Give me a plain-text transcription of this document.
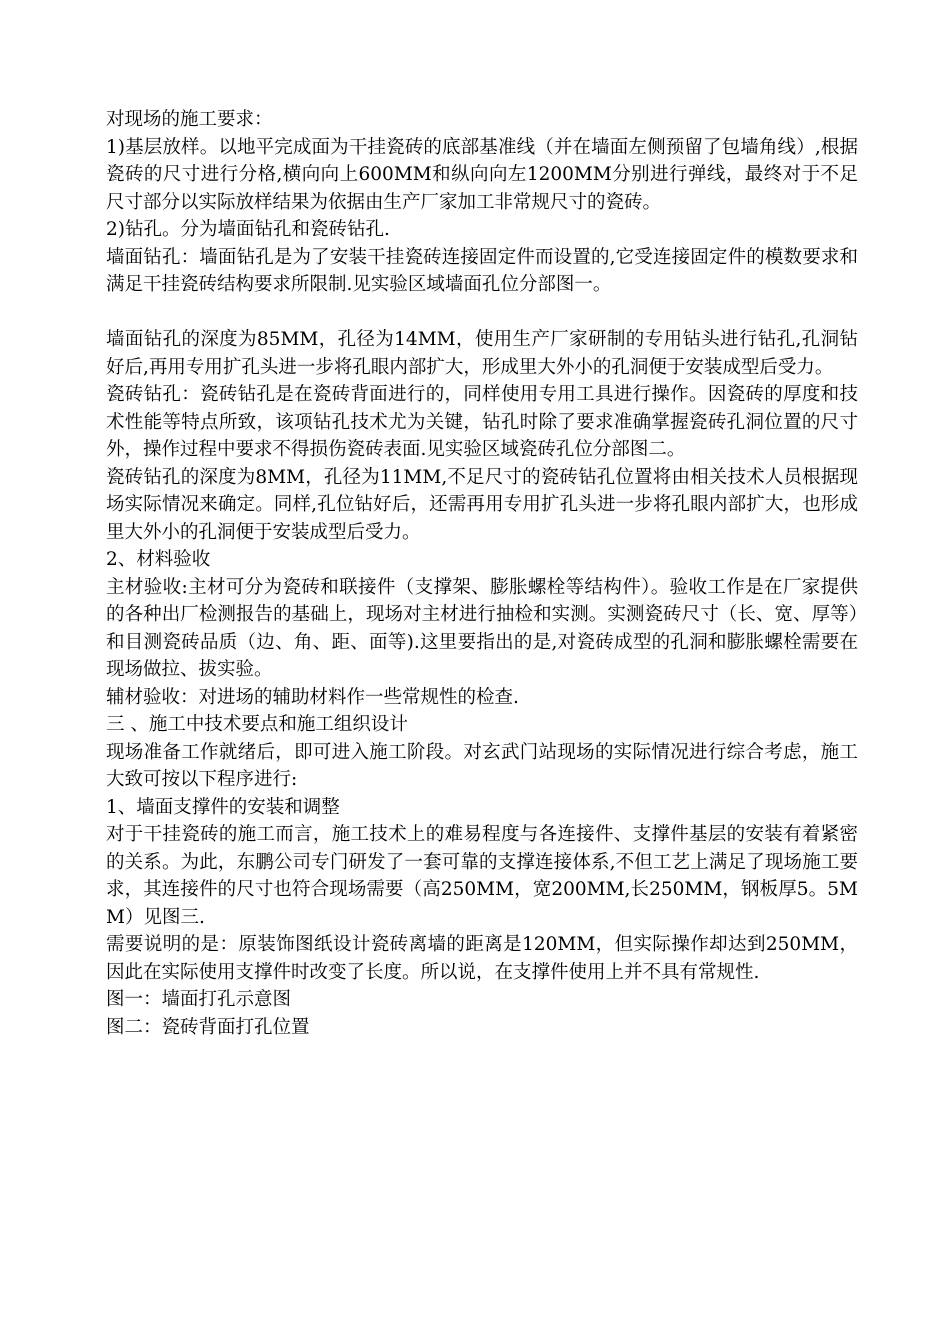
对现场的施工要求：

1)基层放样。以地平完成面为干挂瓷砖的底部基准线（并在墙面左侧预留了包墙角线）,根据瓷砖的尺寸进行分格,横向向上600MM和纵向向左1200MM分别进行弹线，最终对于不足尺寸部分以实际放样结果为依据由生产厂家加工非常规尺寸的瓷砖。

2)钻孔。分为墙面钻孔和瓷砖钻孔.

墙面钻孔：墙面钻孔是为了安装干挂瓷砖连接固定件而设置的,它受连接固定件的模数要求和满足干挂瓷砖结构要求所限制.见实验区域墙面孔位分部图一。

墙面钻孔的深度为85MM，孔径为14MM，使用生产厂家研制的专用钻头进行钻孔,孔洞钻好后,再用专用扩孔头进一步将孔眼内部扩大，形成里大外小的孔洞便于安装成型后受力。

瓷砖钻孔：瓷砖钻孔是在瓷砖背面进行的，同样使用专用工具进行操作。因瓷砖的厚度和技术性能等特点所致，该项钻孔技术尤为关键，钻孔时除了要求准确掌握瓷砖孔洞位置的尺寸外，操作过程中要求不得损伤瓷砖表面.见实验区域瓷砖孔位分部图二。

瓷砖钻孔的深度为8MM，孔径为11MM,不足尺寸的瓷砖钻孔位置将由相关技术人员根据现场实际情况来确定。同样,孔位钻好后，还需再用专用扩孔头进一步将孔眼内部扩大，也形成里大外小的孔洞便于安装成型后受力。

2、材料验收

主材验收:主材可分为瓷砖和联接件（支撑架、膨胀螺栓等结构件）。验收工作是在厂家提供的各种出厂检测报告的基础上，现场对主材进行抽检和实测。实测瓷砖尺寸（长、宽、厚等）和目测瓷砖品质（边、角、距、面等).这里要指出的是,对瓷砖成型的孔洞和膨胀螺栓需要在现场做拉、拔实验。

辅材验收：对进场的辅助材料作一些常规性的检查.

三 、施工中技术要点和施工组织设计

现场准备工作就绪后，即可进入施工阶段。对玄武门站现场的实际情况进行综合考虑，施工大致可按以下程序进行:

1、墙面支撑件的安装和调整

对于干挂瓷砖的施工而言，施工技术上的难易程度与各连接件、支撑件基层的安装有着紧密的关系。为此，东鹏公司专门研发了一套可靠的支撑连接体系,不但工艺上满足了现场施工要求，其连接件的尺寸也符合现场需要（高250MM，宽200MM,长250MM，钢板厚5。5MM）见图三.

需要说明的是：原装饰图纸设计瓷砖离墙的距离是120MM，但实际操作却达到250MM，因此在实际使用支撑件时改变了长度。所以说，在支撑件使用上并不具有常规性.

图一：墙面打孔示意图

图二：瓷砖背面打孔位置
